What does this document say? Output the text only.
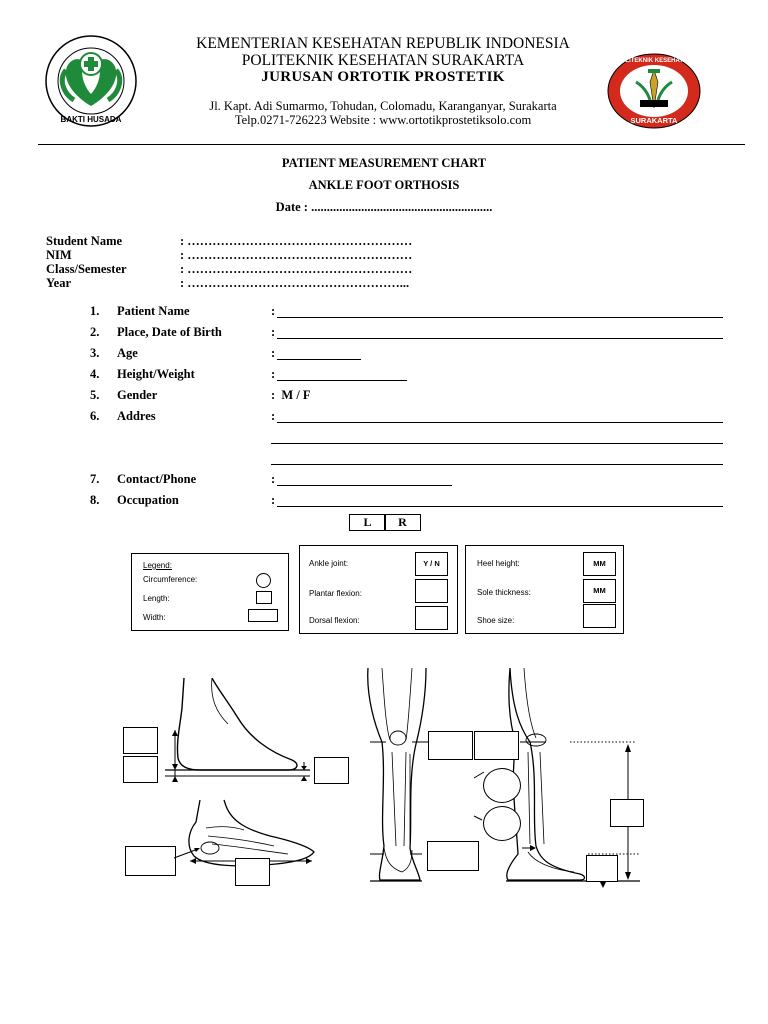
BAKTI HUSADA	SURAKARTA
POLITEKNIK KESEHATAN
KEMENTERIAN KESEHATAN REPUBLIK INDONESIA
POLITEKNIK KESEHATAN SURAKARTA
JURUSAN ORTOTIK PROSTETIK
Jl. Kapt. Adi Sumarmo, Tohudan, Colomadu, Karanganyar, Surakarta
Telp.0271-726223 Website : www.ortotikprostetiksolo.com
PATIENT MEASUREMENT CHART
ANKLE FOOT ORTHOSIS
Date : ..........................................................
Student Name	: ………………………………………………
NIM	: ………………………………………………
Class/Semester	: ………………………………………………
Year	: ……………………………………………...
1.	Patient Name	:
2.	Place, Date of Birth	:
3.	Age	:
4.	Height/Weight	:
5.	Gender	:  M / F
6.	Addres	:
7.	Contact/Phone	:
8.	Occupation	:
L	R
Legend:
Circumference:
Length:
Width:
Ankle joint:	Y / N
Plantar flexion:
Dorsal flexion:
Heel height:	MM
Sole thickness:	MM
Shoe size:
